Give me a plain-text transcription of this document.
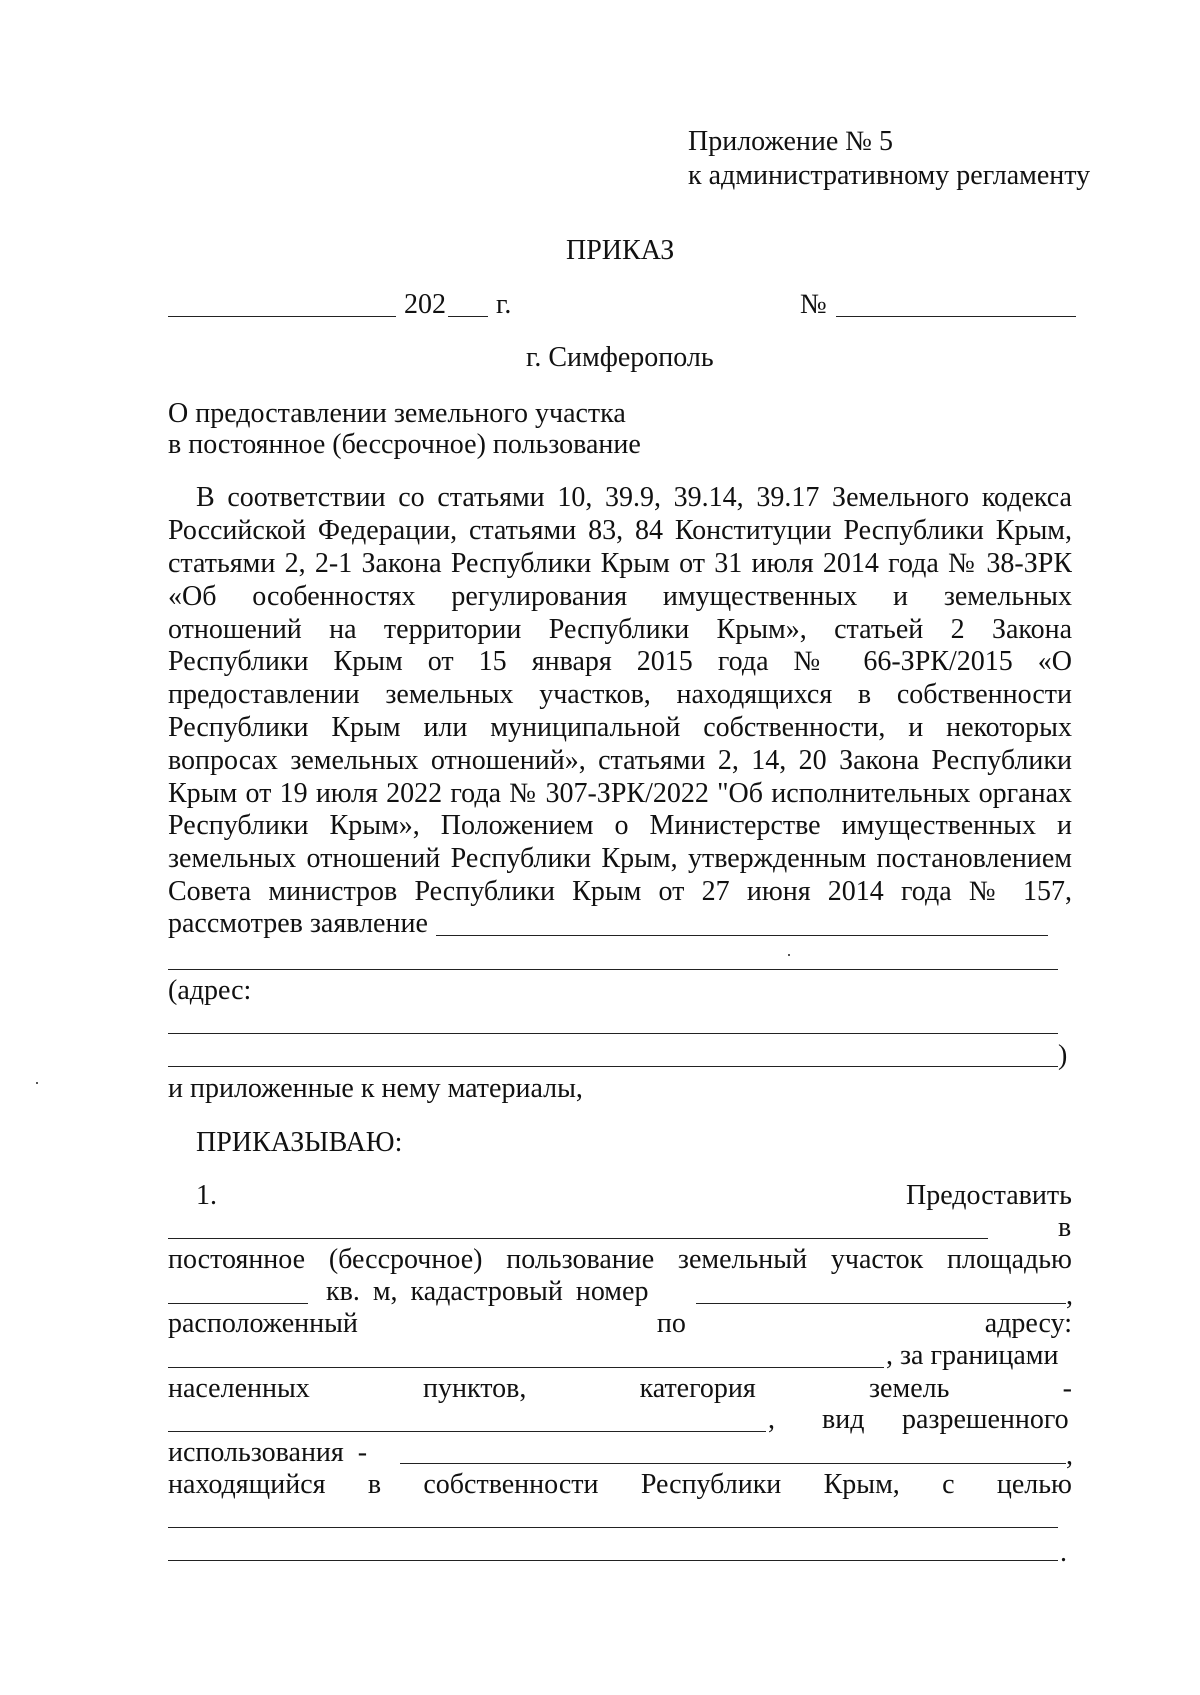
Приложение № 5
к административному регламенту
ПРИКАЗ
202 г.	№
г. Симферополь
О предоставлении земельного участка
в постоянное (бессрочное) пользование
В соответствии со статьями 10, 39.9, 39.14, 39.17 Земельного кодекса
Российской Федерации, статьями 83, 84 Конституции Республики Крым,
статьями 2, 2-1 Закона Республики Крым от 31 июля 2014 года № 38-ЗРК
«Об особенностях регулирования имущественных и земельных
отношений на территории Республики Крым», статьей 2 Закона
Республики Крым от 15 января 2015 года № 66-ЗРК/2015 «О
предоставлении земельных участков, находящихся в собственности
Республики Крым или муниципальной собственности, и некоторых
вопросах земельных отношений», статьями 2, 14, 20 Закона Республики
Крым от 19 июля 2022 года № 307-ЗРК/2022 "Об исполнительных органах
Республики Крым», Положением о Министерстве имущественных и
земельных отношений Республики Крым, утвержденным постановлением
Совета министров Республики Крым от 27 июня 2014 года № 157,
рассмотрев заявление
(адрес:
)
и приложенные к нему материалы,
ПРИКАЗЫВАЮ:
1.	Предоставить
в
постоянное (бессрочное) пользование земельный участок площадью
кв. м, кадастровый номер	,
расположенный	по	адресу:
, за границами
населенных	пунктов,	категория	земель	-
, вид разрешенного
использования  -	,
находящийся в собственности Республики Крым, с целью
.
